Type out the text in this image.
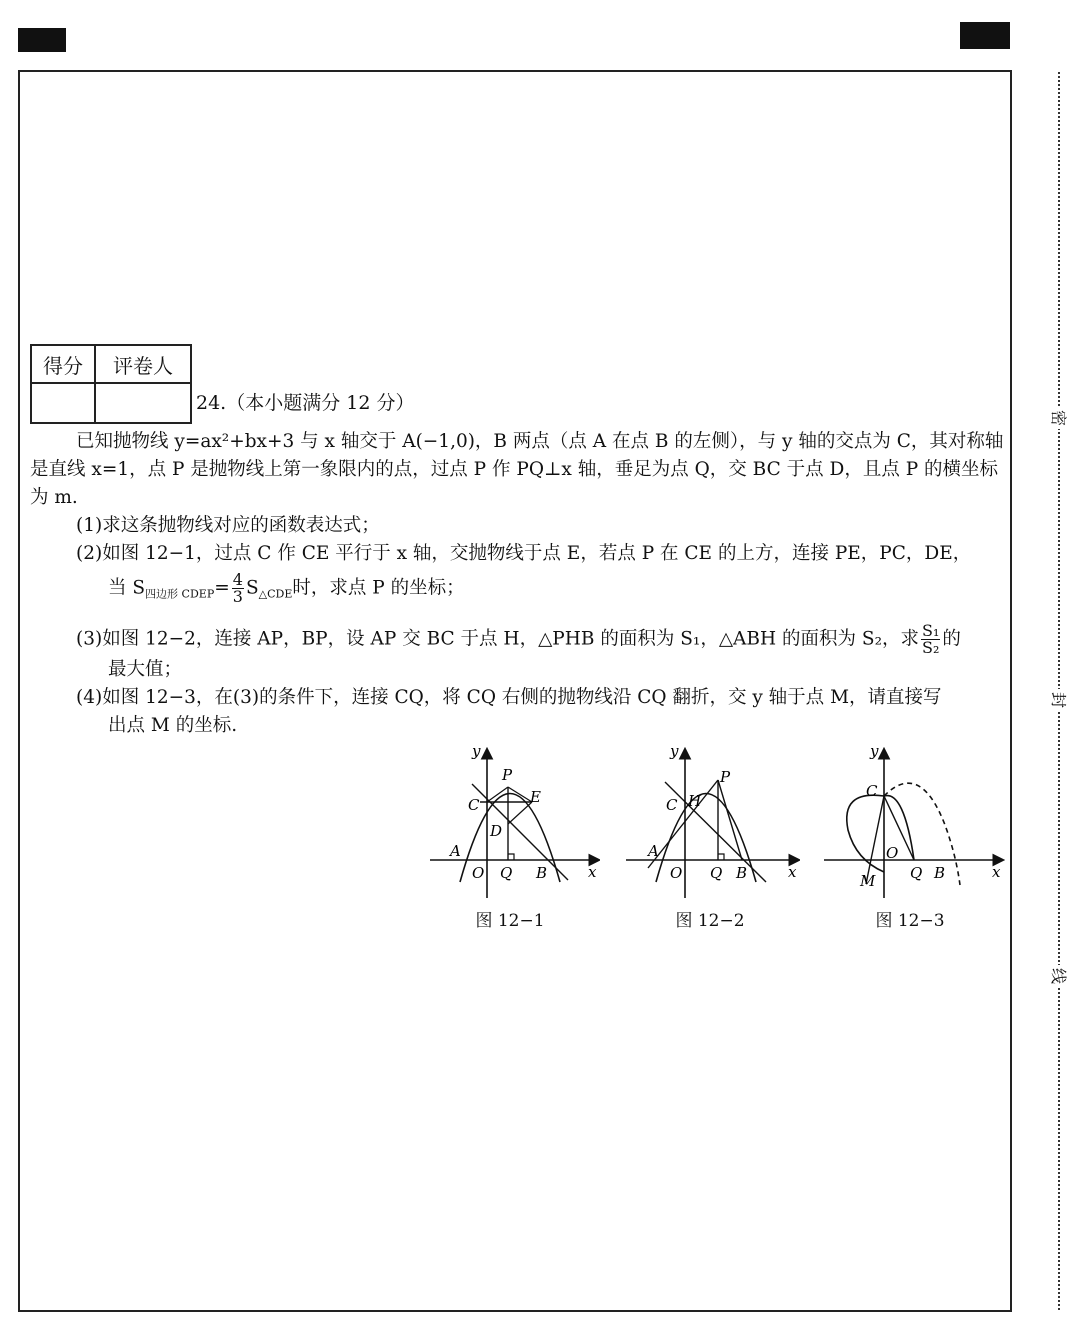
密
封
线
得分	评卷人

24.（本小题满分 12 分）

已知抛物线 y=ax²+bx+3 与 x 轴交于 A(−1,0)，B 两点（点 A 在点 B 的左侧），与 y 轴的交点为 C，其对称轴是直线 x=1，点 P 是抛物线上第一象限内的点，过点 P 作 PQ⊥x 轴，垂足为点 Q，交 BC 于点 D，且点 P 的横坐标为 m.

(1)求这条抛物线对应的函数表达式；

(2)如图 12−1，过点 C 作 CE 平行于 x 轴，交抛物线于点 E，若点 P 在 CE 的上方，连接 PE，PC，DE，

当 $S_{四边形 CDEP}= \frac{4}{3} S_{\triangle CDE}$时，求点 P 的坐标；

(3)如图 12−2，连接 AP，BP，设 AP 交 BC 于点 H，△PHB 的面积为 S₁，△ABH 的面积为 S₂，求 $\frac{\text{S₁}}{\text{S₂}}$ 的

最大值；

(4)如图 12−3，在(3)的条件下，连接 CQ，将 CQ 右侧的抛物线沿 CQ 翻折，交 y 轴于点 M，请直接写

出点 M 的坐标.

y
x
P
E
C
D
A
O Q B
图 12−1
y
x
P
C H
A
O Q B
图 12−2
y
x
C
O
M Q B
图 12−3
